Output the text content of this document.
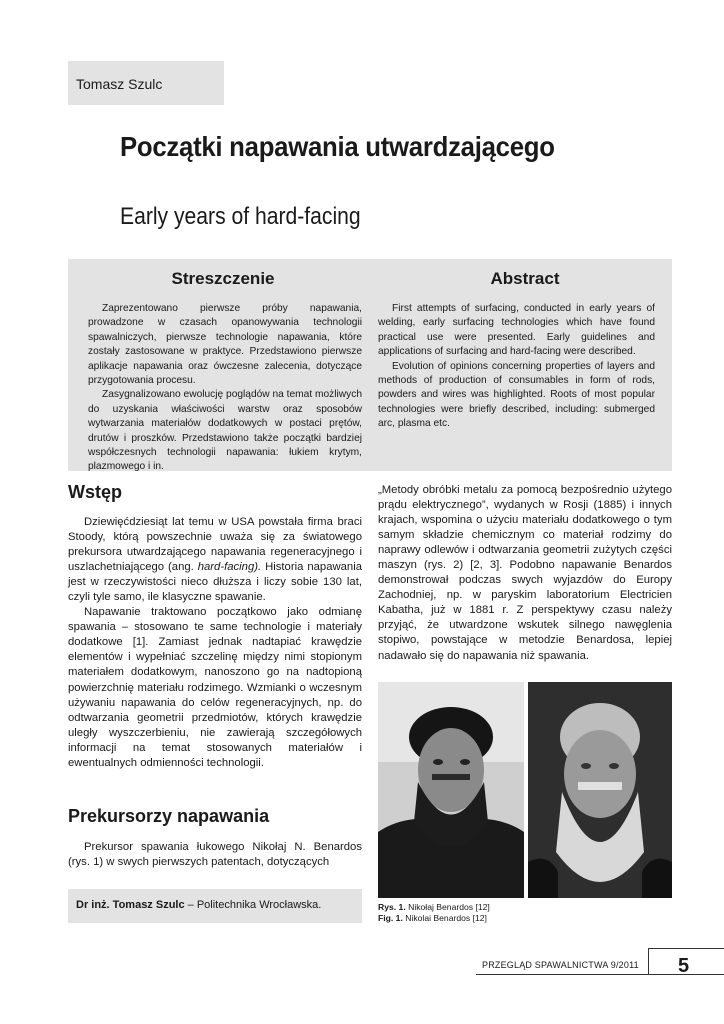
Tomasz Szulc
Początki napawania utwardzającego
Early years of hard-facing
Streszczenie	Abstract

Zaprezentowano pierwsze próby napawania, prowadzone w czasach opanowywania technologii spawalniczych, pierwsze technologie napawania, które zostały zastosowane w praktyce. Przedstawiono pierwsze aplikacje napawania oraz ówczesne zalecenia, dotyczące przygotowania procesu.

Zasygnalizowano ewolucję poglądów na temat możliwych do uzyskania właściwości warstw oraz sposobów wytwarzania materiałów dodatkowych w postaci prętów, drutów i proszków. Przedstawiono także początki bardziej współczesnych technologii napawania: łukiem krytym, plazmowego i in.

First attempts of surfacing, conducted in early years of welding, early surfacing technologies which have found practical use were presented. Early guidelines and applications of surfacing and hard-facing were described.

Evolution of opinions concerning properties of layers and methods of production of consumables in form of rods, powders and wires was highlighted. Roots of most popular technologies were briefly described, including: submerged arc, plasma etc.

Wstęp

Dziewięćdziesiąt lat temu w USA powstała firma braci Stoody, którą powszechnie uważa się za światowego prekursora utwardzającego napawania regeneracyjnego i uszlachetniającego (ang. hard-facing). Historia napawania jest w rzeczywistości nieco dłuższa i liczy sobie 130 lat, czyli tyle samo, ile klasyczne spawanie.

Napawanie traktowano początkowo jako odmianę spawania – stosowano te same technologie i materiały dodatkowe [1]. Zamiast jednak nadtapiać krawędzie elementów i wypełniać szczelinę między nimi stopionym materiałem dodatkowym, nanoszono go na nadtopioną powierzchnię materiału rodzimego. Wzmianki o wczesnym używaniu napawania do celów regeneracyjnych, np. do odtwarzania geometrii przedmiotów, których krawędzie uległy wyszczerbieniu, nie zawierają szczegółowych informacji na temat stosowanych materiałów i ewentualnych odmienności technologii.

Prekursorzy napawania

Prekursor spawania łukowego Nikołaj N. Benardos (rys. 1) w swych pierwszych patentach, dotyczących

Dr inż. Tomasz Szulc – Politechnika Wrocławska.

„Metody obróbki metalu za pomocą bezpośrednio użytego prądu elektrycznego”, wydanych w Rosji (1885) i innych krajach, wspomina o użyciu materiału dodatkowego o tym samym składzie chemicznym co materiał rodzimy do naprawy odlewów i odtwarzania geometrii zużytych części maszyn (rys. 2) [2, 3]. Podobno napawanie Benardos demonstrował podczas swych wyjazdów do Europy Zachodniej, np. w paryskim laboratorium Electricien Kabatha, już w 1881 r. Z perspektywy czasu należy przyjąć, że utwardzone wskutek silnego nawęglenia stopiwo, powstające w metodzie Benardosa, lepiej nadawało się do napawania niż spawania.

Rys. 1. Nikołaj Benardos [12]
Fig. 1. Nikolai Benardos [12]
PRZEGLĄD SPAWALNICTWA 9/2011 5
